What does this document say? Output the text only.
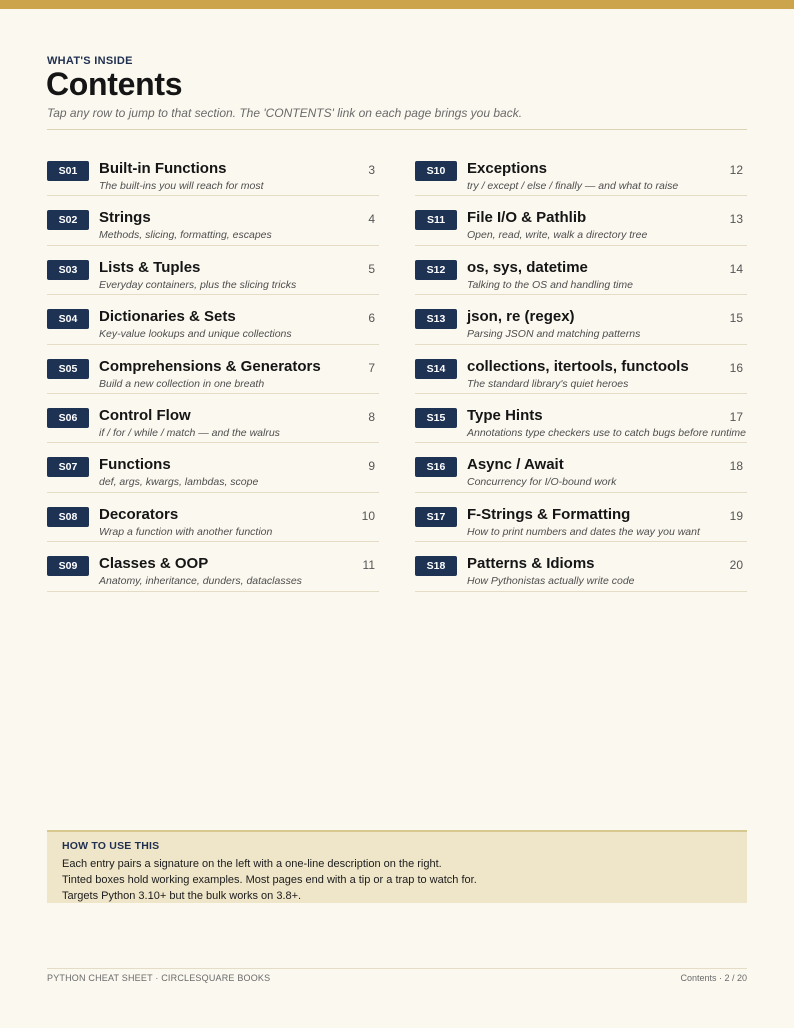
WHAT'S INSIDE
Contents
Tap any row to jump to that section. The 'CONTENTS' link on each page brings you back.
S01	Built-in Functions
The built-ins you will reach for most
3
S02	Strings
Methods, slicing, formatting, escapes
4
S03	Lists & Tuples
Everyday containers, plus the slicing tricks
5
S04	Dictionaries & Sets
Key-value lookups and unique collections
6
S05	Comprehensions & Generators
Build a new collection in one breath
7
S06	Control Flow
if / for / while / match — and the walrus
8
S07	Functions
def, args, kwargs, lambdas, scope
9
S08	Decorators
Wrap a function with another function
10
S09	Classes & OOP
Anatomy, inheritance, dunders, dataclasses
11
S10	Exceptions
try / except / else / finally — and what to raise
12
S11	File I/O & Pathlib
Open, read, write, walk a directory tree
13
S12	os, sys, datetime
Talking to the OS and handling time
14
S13	json, re (regex)
Parsing JSON and matching patterns
15
S14	collections, itertools, functools
The standard library's quiet heroes
16
S15	Type Hints
Annotations type checkers use to catch bugs before runtime
17
S16	Async / Await
Concurrency for I/O-bound work
18
S17	F-Strings & Formatting
How to print numbers and dates the way you want
19
S18	Patterns & Idioms
How Pythonistas actually write code
20
HOW TO USE THIS
Each entry pairs a signature on the left with a one-line description on the right.
Tinted boxes hold working examples. Most pages end with a tip or a trap to watch for.
Targets Python 3.10+ but the bulk works on 3.8+.
PYTHON CHEAT SHEET · CIRCLESQUARE BOOKS	Contents · 2 / 20
